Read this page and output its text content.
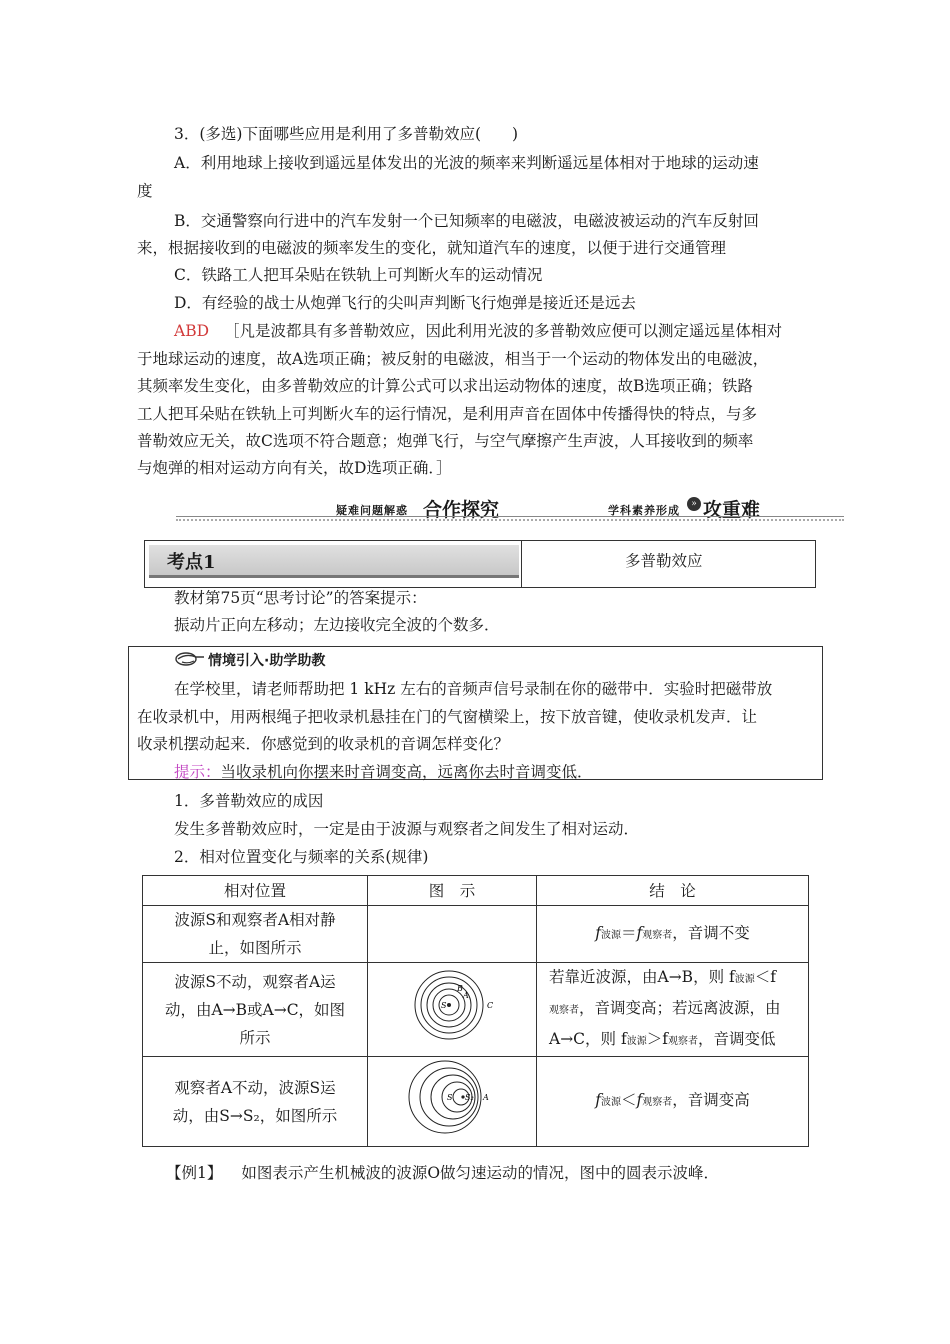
3．(多选)下面哪些应用是利用了多普勒效应(　　)
A．利用地球上接收到遥远星体发出的光波的频率来判断遥远星体相对于地球的运动速
度
B．交通警察向行进中的汽车发射一个已知频率的电磁波，电磁波被运动的汽车反射回
来，根据接收到的电磁波的频率发生的变化，就知道汽车的速度，以便于进行交通管理
C．铁路工人把耳朵贴在铁轨上可判断火车的运动情况
D．有经验的战士从炮弹飞行的尖叫声判断飞行炮弹是接近还是远去
ABD ［凡是波都具有多普勒效应，因此利用光波的多普勒效应便可以测定遥远星体相对
于地球运动的速度，故A选项正确；被反射的电磁波，相当于一个运动的物体发出的电磁波，
其频率发生变化，由多普勒效应的计算公式可以求出运动物体的速度，故B选项正确；铁路
工人把耳朵贴在铁轨上可判断火车的运行情况，是利用声音在固体中传播得快的特点，与多
普勒效应无关，故C选项不符合题意；炮弹飞行，与空气摩擦产生声波，人耳接收到的频率
与炮弹的相对运动方向有关，故D选项正确．］
疑难问题解惑 合作探究	» 攻重难
学科素养形成
考点1	多普勒效应
教材第75页“思考讨论”的答案提示：
振动片正向左移动；左边接收完全波的个数多．
情境引入·助学助教
在学校里，请老师帮助把 1 kHz 左右的音频声信号录制在你的磁带中．实验时把磁带放
在收录机中，用两根绳子把收录机悬挂在门的气窗横梁上，按下放音键，使收录机发声．让
收录机摆动起来．你感觉到的收录机的音调怎样变化？
提示：当收录机向你摆来时音调变高，远离你去时音调变低．
1．多普勒效应的成因
发生多普勒效应时，一定是由于波源与观察者之间发生了相对运动．
2．相对位置变化与频率的关系(规律)
相对位置	图　示	结　论

波源S和观察者A相对静
止，如图所示		f波源＝f观察者，音调不变

波源S不动，观察者A运
动，由A→B或A→C，如图
所示	B
A
S C	若靠近波源，由A→B，则 f波源＜f
观察者，音调变高；若远离波源，由
A→C，则 f波源＞f观察者，音调变低

观察者A不动，波源S运
动，由S→S₂，如图所示	S S₂ A	f波源＜f观察者，音调变高
【例1】 如图表示产生机械波的波源O做匀速运动的情况，图中的圆表示波峰．
